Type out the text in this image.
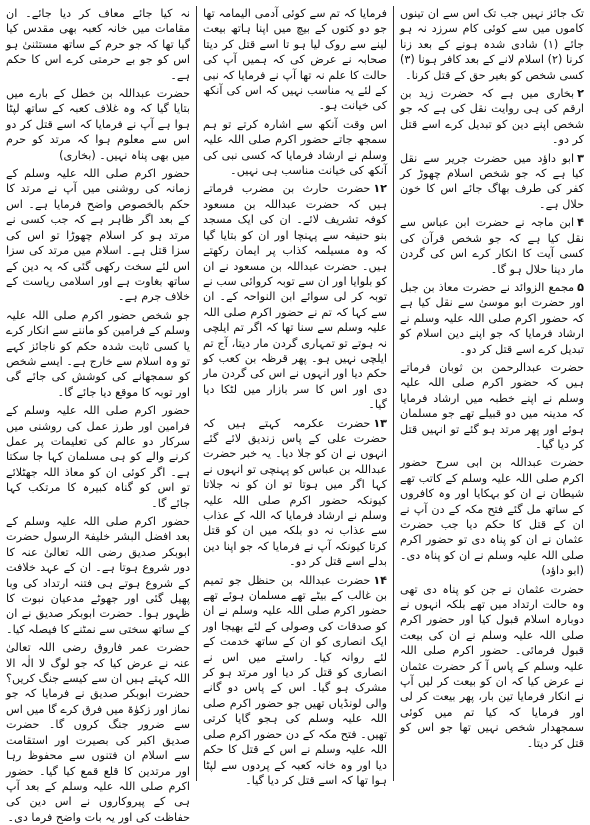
تک جائز نہیں جب تک اس سے ان تینوں کاموں میں سے کوئی کام سرزد نہ ہو جائے (۱) شادی شدہ ہونے کے بعد زنا کرنا (۲) اسلام لانے کے بعد کافر ہونا (۳) کسی شخص کو بغیر حق کے قتل کرنا۔

۲بخاری میں ہے کہ حضرت زید بن ارقم کی ہی روایت نقل کی ہے کہ جو شخص اپنے دین کو تبدیل کرے اسے قتل کر دو۔

۳ابو داؤد میں حضرت جریر سے نقل کیا ہے کہ جو شخص اسلام چھوڑ کر کفر کی طرف بھاگ جائے اس کا خون حلال ہے۔

۴ابن ماجہ نے حضرت ابن عباس سے نقل کیا ہے کہ جو شخص قرآن کی کسی آیت کا انکار کرے اس کی گردن مار دینا حلال ہو گا۔

۵مجمع الزوائد نے حضرت معاذ بن جبل اور حضرت ابو موسیٰ سے نقل کیا ہے کہ حضور اکرم صلی اللہ علیہ وسلم نے ارشاد فرمایا کہ جو اپنے دین اسلام کو تبدیل کرے اسے قتل کر دو۔

حضرت عبدالرحمن بن ثوبان فرماتے ہیں کہ حضور اکرم صلی اللہ علیہ وسلم نے اپنے خطبہ میں ارشاد فرمایا کہ مدینہ میں دو قبیلے تھے جو مسلمان ہوئے اور پھر مرتد ہو گئے تو انہیں قتل کر دیا گیا۔

حضرت عبداللہ بن ابی سرح حضور اکرم صلی اللہ علیہ وسلم کے کاتب تھے شیطان نے ان کو بہکایا اور وہ کافروں کے ساتھ مل گئے فتح مکہ کے دن آپ نے ان کے قتل کا حکم دیا جب حضرت عثمان نے ان کو پناہ دی تو حضور اکرم صلی اللہ علیہ وسلم نے ان کو پناہ دی۔ (ابو داؤد)

حضرت عثمان نے جن کو پناہ دی تھی وہ حالت ارتداد میں تھے بلکہ انہوں نے دوبارہ اسلام قبول کیا اور حضور اکرم صلی اللہ علیہ وسلم نے ان کی بیعت قبول فرمائی۔ حضور اکرم صلی اللہ علیہ وسلم کے پاس آ کر حضرت عثمان نے عرض کیا کہ ان کو بیعت کر لیں آپ نے انکار فرمایا تین بار، پھر بیعت کر لی اور فرمایا کہ کیا تم میں کوئی سمجھدار شخص نہیں تھا جو اس کو قتل کر دیتا۔

فرمایا کہ تم سے کوئی آدمی الیمامہ تھا جو دو کتوں کے بیچ میں اپنا ہاتھ بیعت لینے سے روک لیا ہو تا اسے قتل کر دیتا صحابہ نے عرض کی کہ ہمیں آپ کی حالت کا علم نہ تھا آپ نے فرمایا کہ نبی کے لئے یہ مناسب نہیں کہ اس کی آنکھ کی خیانت ہو۔

اس وقت آنکھ سے اشارہ کرتے تو ہم سمجھ جاتے حضور اکرم صلی اللہ علیہ وسلم نے ارشاد فرمایا کہ کسی نبی کی آنکھ کی خیانت مناسب ہی نہیں۔

۱۲حضرت حارث بن مضرب فرماتے ہیں کہ حضرت عبداللہ بن مسعود کوفہ تشریف لائے۔ ان کی ایک مسجد بنو حنیفہ سے پہنچا اور ان کو بتایا گیا کہ وہ مسیلمہ کذاب پر ایمان رکھتے ہیں۔ حضرت عبداللہ بن مسعود نے ان کو بلوایا اور ان سے توبہ کروائی سب نے توبہ کر لی سوائے ابن النواحہ کے۔ ان سے کہا کہ تم نے حضور اکرم صلی اللہ علیہ وسلم سے سنا تھا کہ اگر تم ایلچی نہ ہوتے تو تمہاری گردن مار دیتا، آج تم ایلچی نہیں ہو۔ پھر قرظہ بن کعب کو حکم دیا اور انہوں نے اس کی گردن مار دی اور اس کا سر بازار میں لٹکا دیا گیا۔

۱۳حضرت عکرمہ کہتے ہیں کہ حضرت علی کے پاس زندیق لائے گئے انہوں نے ان کو جلا دیا۔ یہ خبر حضرت عبداللہ بن عباس کو پہنچی تو انہوں نے کہا اگر میں ہوتا تو ان کو نہ جلاتا کیونکہ حضور اکرم صلی اللہ علیہ وسلم نے ارشاد فرمایا کہ اللہ کے عذاب سے عذاب نہ دو بلکہ میں ان کو قتل کرتا کیونکہ آپ نے فرمایا کہ جو اپنا دین بدلے اسے قتل کر دو۔

۱۴حضرت عبداللہ بن حنظل جو تمیم بن غالب کے بیٹے تھے مسلمان ہوئے تھے حضور اکرم صلی اللہ علیہ وسلم نے ان کو صدقات کی وصولی کے لئے بھیجا اور ایک انصاری کو ان کے ساتھ خدمت کے لئے روانہ کیا۔ راستے میں اس نے انصاری کو قتل کر دیا اور مرتد ہو کر مشرک ہو گیا۔ اس کے پاس دو گانے والی لونڈیاں تھیں جو حضور اکرم صلی اللہ علیہ وسلم کی ہجو گایا کرتی تھیں۔ فتح مکہ کے دن حضور اکرم صلی اللہ علیہ وسلم نے اس کے قتل کا حکم دیا اور وہ خانہ کعبہ کے پردوں سے لپٹا ہوا تھا کہ اسے قتل کر دیا گیا۔

نہ کیا جائے معاف کر دیا جائے۔ ان مقامات میں خانہ کعبہ بھی مقدس کیا گیا تھا کہ جو حرم کے ساتھ مستثنیٰ ہو اس کو جو بے حرمتی کرے اس کا حکم ہے۔

حضرت عبداللہ بن خطل کے بارے میں بتایا گیا کہ وہ غلاف کعبہ کے ساتھ لپٹا ہوا ہے آپ نے فرمایا کہ اسے قتل کر دو اس سے معلوم ہوا کہ مرتد کو حرم میں بھی پناہ نہیں۔ (بخاری)

حضور اکرم صلی اللہ علیہ وسلم کے زمانہ کی روشنی میں آپ نے مرتد کا حکم بالخصوص واضح فرمایا ہے۔ اس کے بعد اگر ظاہر ہے کہ جب کسی نے مرتد ہو کر اسلام چھوڑا تو اس کی سزا قتل ہے۔ اسلام میں مرتد کی سزا اس لئے سخت رکھی گئی کہ یہ دین کے ساتھ بغاوت ہے اور اسلامی ریاست کے خلاف جرم ہے۔

جو شخص حضور اکرم صلی اللہ علیہ وسلم کے فرامین کو ماننے سے انکار کرے یا کسی ثابت شدہ حکم کو ناجائز کہے تو وہ اسلام سے خارج ہے۔ ایسے شخص کو سمجھانے کی کوشش کی جائے گی اور توبہ کا موقع دیا جائے گا۔

حضور اکرم صلی اللہ علیہ وسلم کے فرامین اور طرز عمل کی روشنی میں سرکار دو عالم کی تعلیمات پر عمل کرنے والے کو ہی مسلمان کہا جا سکتا ہے۔ اگر کوئی ان کو معاذ اللہ جھٹلائے تو اس کو گناہ کبیرہ کا مرتکب کہا جائے گا۔

حضور اکرم صلی اللہ علیہ وسلم کے بعد افضل البشر خلیفۃ الرسول حضرت ابوبکر صدیق رضی اللہ تعالیٰ عنہ کا دور شروع ہوتا ہے۔ ان کے عہد خلافت کے شروع ہوتے ہی فتنہ ارتداد کی وبا پھیل گئی اور جھوٹے مدعیان نبوت کا ظہور ہوا۔ حضرت ابوبکر صدیق نے ان کے ساتھ سختی سے نمٹنے کا فیصلہ کیا۔

حضرت عمر فاروق رضی اللہ تعالیٰ عنہ نے عرض کیا کہ جو لوگ لا الٰہ الا اللہ کہتے ہیں ان سے کیسے جنگ کریں؟ حضرت ابوبکر صدیق نے فرمایا کہ جو نماز اور زکوٰۃ میں فرق کرے گا میں اس سے ضرور جنگ کروں گا۔ حضرت صدیق اکبر کی بصیرت اور استقامت سے اسلام ان فتنوں سے محفوظ رہا اور مرتدین کا قلع قمع کیا گیا۔ حضور اکرم صلی اللہ علیہ وسلم کے بعد آپ ہی کے پیروکاروں نے اس دین کی حفاظت کی اور یہ بات واضح فرما دی۔
